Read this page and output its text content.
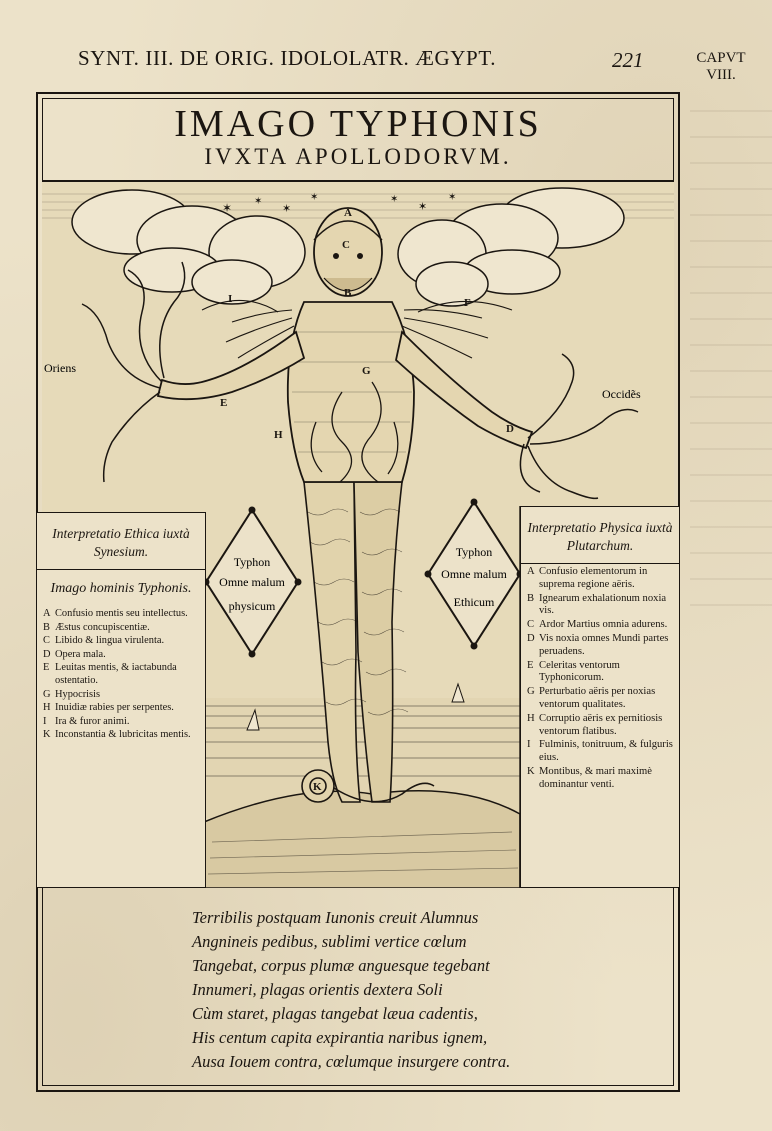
SYNT. III. DE ORIG. IDOLOLATR. ÆGYPT.	221	CAPVT
VIII.
IMAGO TYPHONIS
IVXTA APOLLODORVM.
✶ ✶
✶
✶	✶
✶
✶
Typhon
Omne malum
physicum
Typhon
Omne malum
Ethicum
Oriens
Occidẽs
A
B
C
D
E
F
G
H
I
K
Interpretatio Ethica iuxtà Synesium.
Imago hominis Typhonis.
A Confusio mentis seu intellectus.
B Æstus concupiscentiæ.
C Libido & lingua virulenta.
D Opera mala.
E Leuitas mentis, & iactabunda ostentatio.
G Hypocrisis
H Inuidiæ rabies per serpentes.
I Ira & furor animi.
K Inconstantia & lubricitas mentis.
Interpretatio Physica iuxtà Plutarchum.
A Confusio elementorum in suprema regione aëris.
B Ignearum exhalationum noxia vis.
C Ardor Martius omnia adurens.
D Vis noxia omnes Mundi partes peruadens.
E Celeritas ventorum Typhonicorum.
G Perturbatio aëris per noxias ventorum qualitates.
H Corruptio aëris ex pernitiosis ventorum flatibus.
I Fulminis, tonitruum, & fulguris eius.
K Montibus, & mari maximè dominantur venti.
Terribilis postquam Iunonis creuit Alumnus
Angnineis pedibus, sublimi vertice cœlum
Tangebat, corpus plumæ anguesque tegebant
Innumeri, plagas orientis dextera Soli
Cùm staret, plagas tangebat læua cadentis,
His centum capita expirantia naribus ignem,
Ausa Iouem contra, cœlumque insurgere contra.
